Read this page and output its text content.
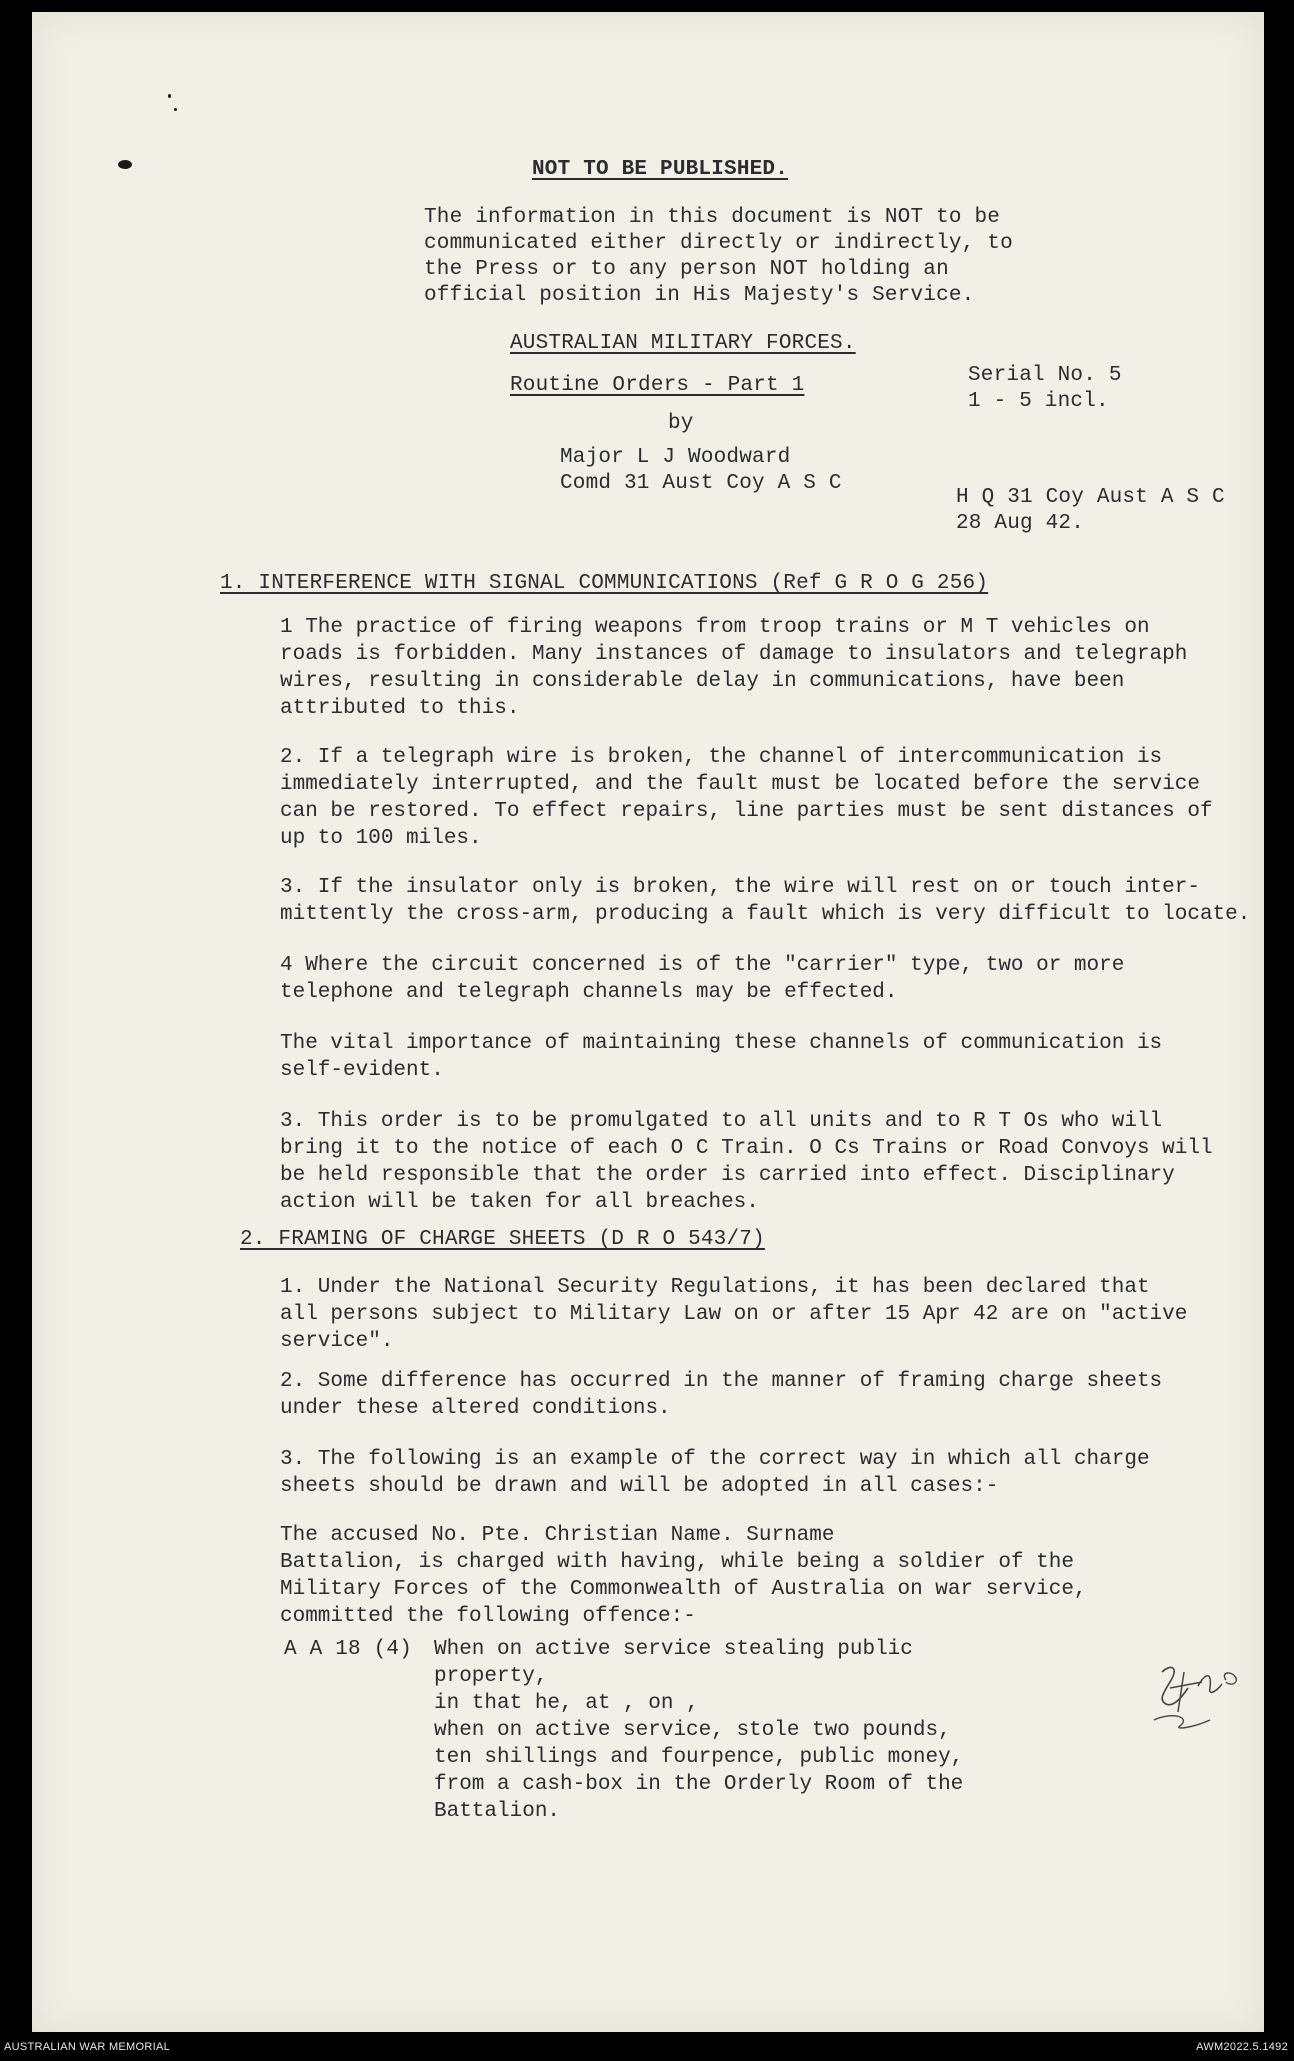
NOT TO BE PUBLISHED.
The information in this document is NOT to be
communicated either directly or indirectly, to
the Press or to any person NOT holding an
official position in His Majesty's Service.
AUSTRALIAN MILITARY FORCES.
Routine Orders - Part 1
by
Major L J Woodward
Comd 31 Aust Coy A S C
Serial No. 5
1 - 5 incl.
H Q 31 Coy Aust A S C
28 Aug 42.
1. INTERFERENCE WITH SIGNAL COMMUNICATIONS (Ref G R O G 256)
1 The practice of firing weapons from troop trains or M T vehicles on
roads is forbidden. Many instances of damage to insulators and telegraph
wires, resulting in considerable delay in communications, have been
attributed to this.
2. If a telegraph wire is broken, the channel of intercommunication is
immediately interrupted, and the fault must be located before the service
can be restored. To effect repairs, line parties must be sent distances of
up to 100 miles.
3. If the insulator only is broken, the wire will rest on or touch inter-
mittently the cross-arm, producing a fault which is very difficult to locate.
4 Where the circuit concerned is of the "carrier" type, two or more
telephone and telegraph channels may be effected.
The vital importance of maintaining these channels of communication is
self-evident.
3. This order is to be promulgated to all units and to R T Os who will
bring it to the notice of each O C Train. O Cs Trains or Road Convoys will
be held responsible that the order is carried into effect. Disciplinary
action will be taken for all breaches.
2. FRAMING OF CHARGE SHEETS (D R O 543/7)
1. Under the National Security Regulations, it has been declared that
all persons subject to Military Law on or after 15 Apr 42 are on "active
service".
2. Some difference has occurred in the manner of framing charge sheets
under these altered conditions.
3. The following is an example of the correct way in which all charge
sheets should be drawn and will be adopted in all cases:-
The accused No. Pte. Christian Name. Surname
Battalion, is charged with having, while being a soldier of the
Military Forces of the Commonwealth of Australia on war service,
committed the following offence:-
A A 18 (4) When on active service stealing public
property,
in that he, at , on ,
when on active service, stole two pounds,
ten shillings and fourpence, public money,
from a cash-box in the Orderly Room of the
Battalion.
AUSTRALIAN WAR MEMORIAL	AWM2022.5.1492
